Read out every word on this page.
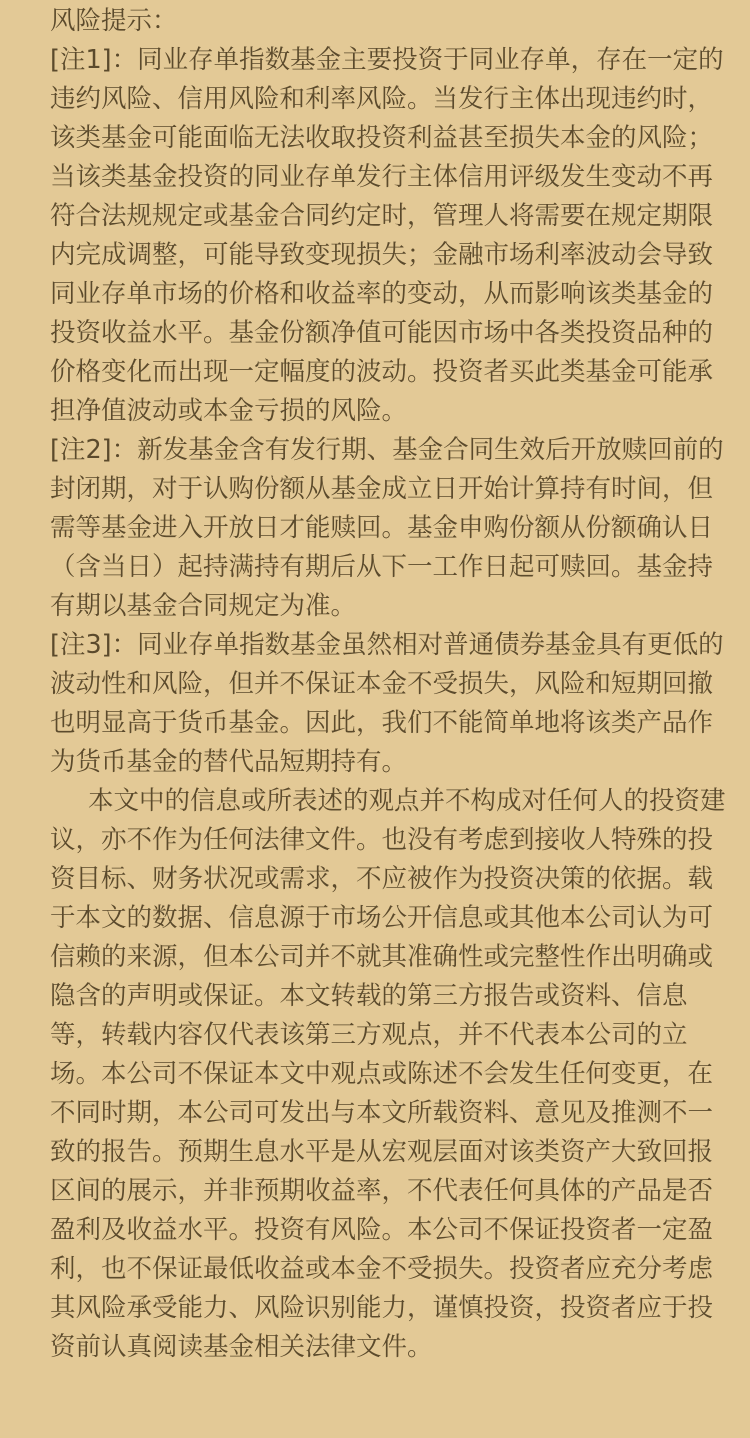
风险提示：

[注1]：同业存单指数基金主要投资于同业存单，存在一定的

违约风险、信用风险和利率风险。当发行主体出现违约时，

该类基金可能面临无法收取投资利益甚至损失本金的风险；

当该类基金投资的同业存单发行主体信用评级发生变动不再

符合法规规定或基金合同约定时，管理人将需要在规定期限

内完成调整，可能导致变现损失；金融市场利率波动会导致

同业存单市场的价格和收益率的变动，从而影响该类基金的

投资收益水平。基金份额净值可能因市场中各类投资品种的

价格变化而出现一定幅度的波动。投资者买此类基金可能承

担净值波动或本金亏损的风险。

[注2]：新发基金含有发行期、基金合同生效后开放赎回前的

封闭期，对于认购份额从基金成立日开始计算持有时间，但

需等基金进入开放日才能赎回。基金申购份额从份额确认日

（含当日）起持满持有期后从下一工作日起可赎回。基金持

有期以基金合同规定为准。

[注3]：同业存单指数基金虽然相对普通债券基金具有更低的

波动性和风险，但并不保证本金不受损失，风险和短期回撤

也明显高于货币基金。因此，我们不能简单地将该类产品作

为货币基金的替代品短期持有。

本文中的信息或所表述的观点并不构成对任何人的投资建

议，亦不作为任何法律文件。也没有考虑到接收人特殊的投

资目标、财务状况或需求，不应被作为投资决策的依据。载

于本文的数据、信息源于市场公开信息或其他本公司认为可

信赖的来源，但本公司并不就其准确性或完整性作出明确或

隐含的声明或保证。本文转载的第三方报告或资料、信息

等，转载内容仅代表该第三方观点，并不代表本公司的立

场。本公司不保证本文中观点或陈述不会发生任何变更，在

不同时期，本公司可发出与本文所载资料、意见及推测不一

致的报告。预期生息水平是从宏观层面对该类资产大致回报

区间的展示，并非预期收益率，不代表任何具体的产品是否

盈利及收益水平。投资有风险。本公司不保证投资者一定盈

利，也不保证最低收益或本金不受损失。投资者应充分考虑

其风险承受能力、风险识别能力，谨慎投资，投资者应于投

资前认真阅读基金相关法律文件。
